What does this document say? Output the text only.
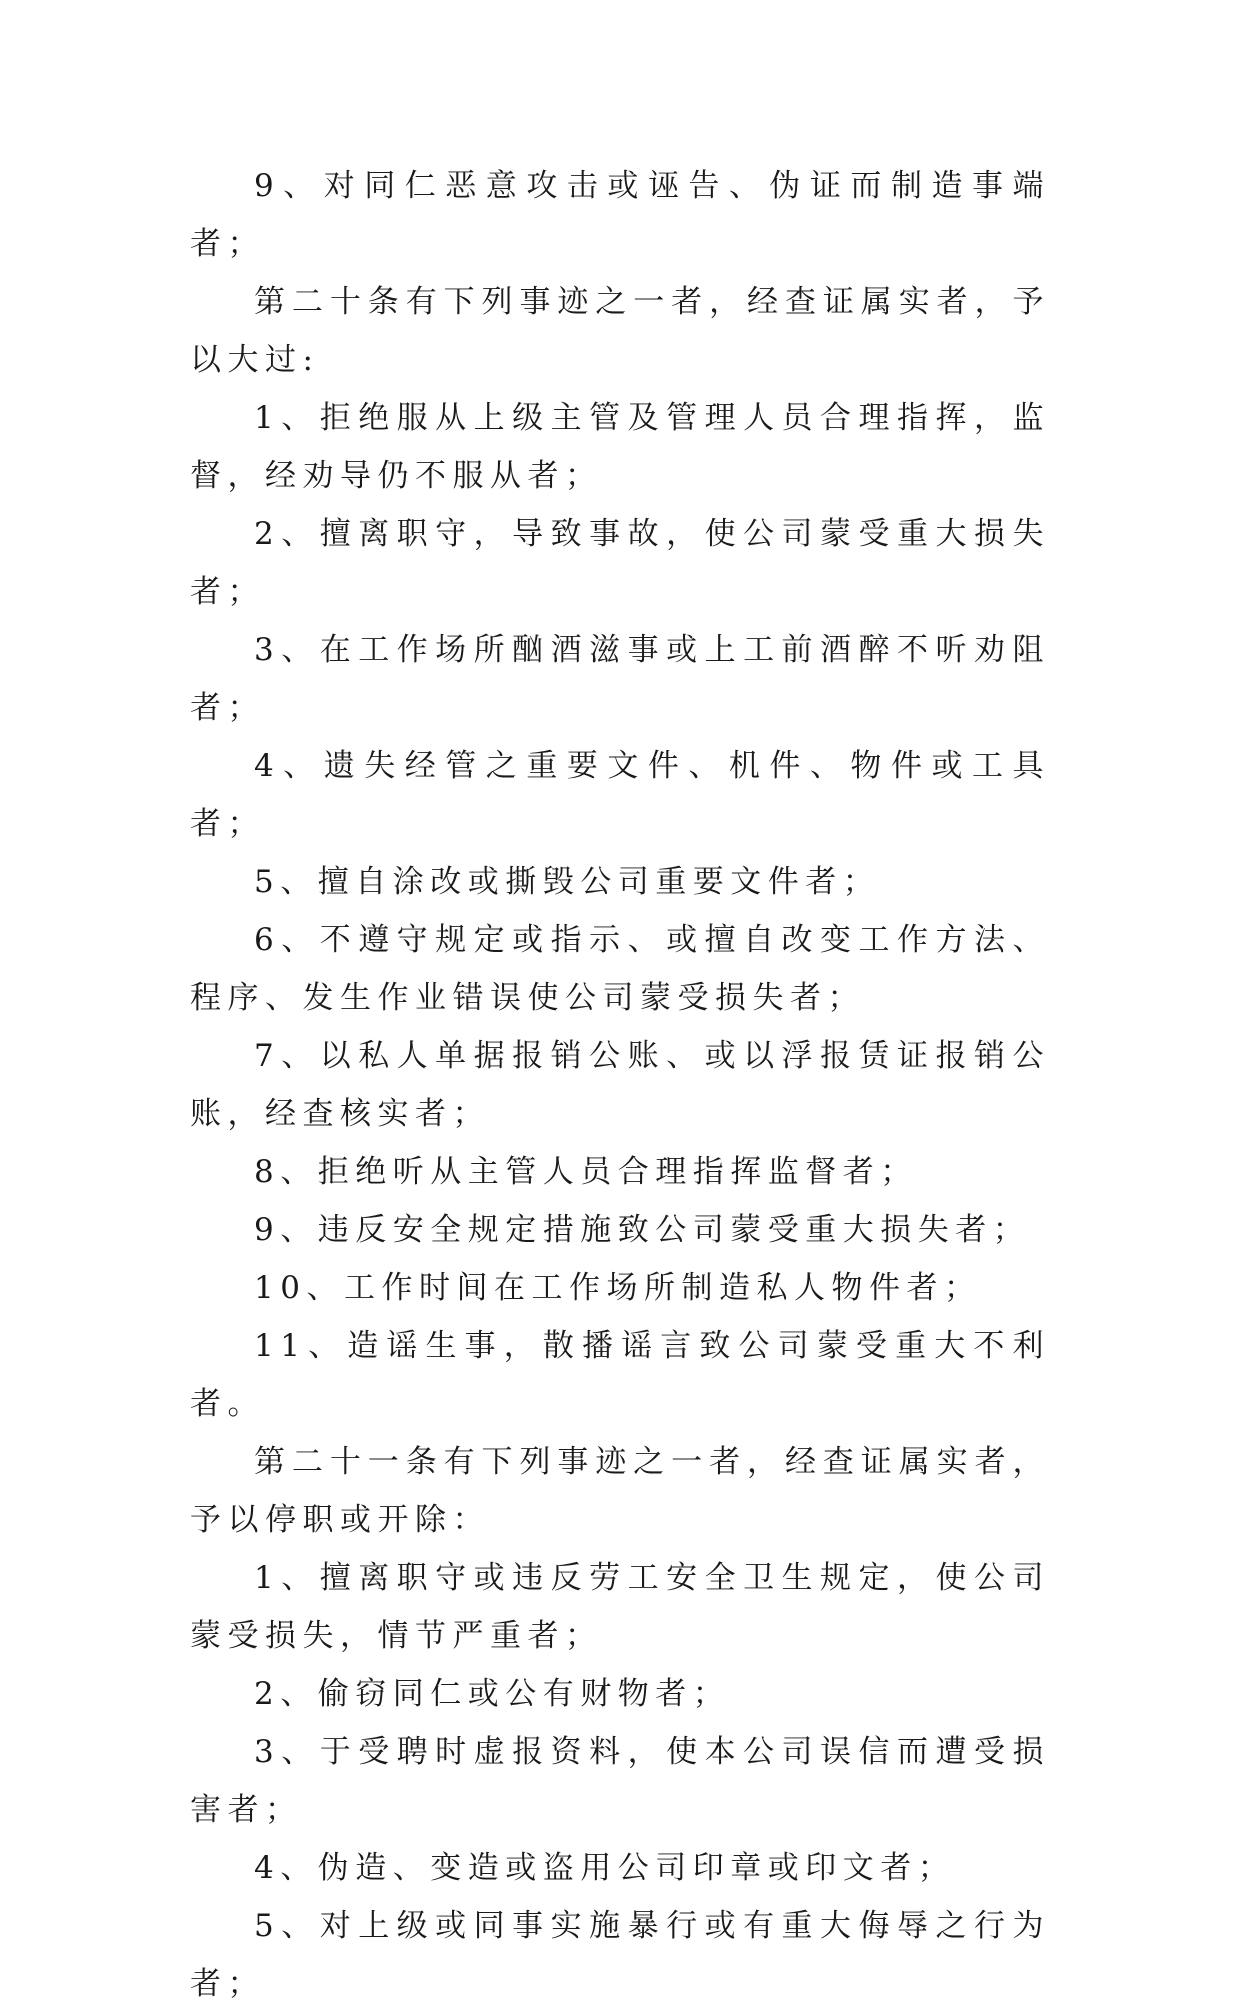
9、对同仁恶意攻击或诬告、伪证而制造事端者；

第二十条有下列事迹之一者，经查证属实者，予以大过:

1、拒绝服从上级主管及管理人员合理指挥，监督，经劝导仍不服从者；

2、擅离职守，导致事故，使公司蒙受重大损失者；

3、在工作场所酗酒滋事或上工前酒醉不听劝阻者；

4、遗失经管之重要文件、机件、物件或工具者；

5、擅自涂改或撕毁公司重要文件者；

6、不遵守规定或指示、或擅自改变工作方法、程序、发生作业错误使公司蒙受损失者；

7、以私人单据报销公账、或以浮报赁证报销公账，经查核实者；

8、拒绝听从主管人员合理指挥监督者；

9、违反安全规定措施致公司蒙受重大损失者；

10、工作时间在工作场所制造私人物件者；

11、造谣生事，散播谣言致公司蒙受重大不利者。

第二十一条有下列事迹之一者，经查证属实者，予以停职或开除：

1、擅离职守或违反劳工安全卫生规定，使公司蒙受损失，情节严重者；

2、偷窃同仁或公有财物者；

3、于受聘时虚报资料，使本公司误信而遭受损害者；

4、伪造、变造或盗用公司印章或印文者；

5、对上级或同事实施暴行或有重大侮辱之行为者；
